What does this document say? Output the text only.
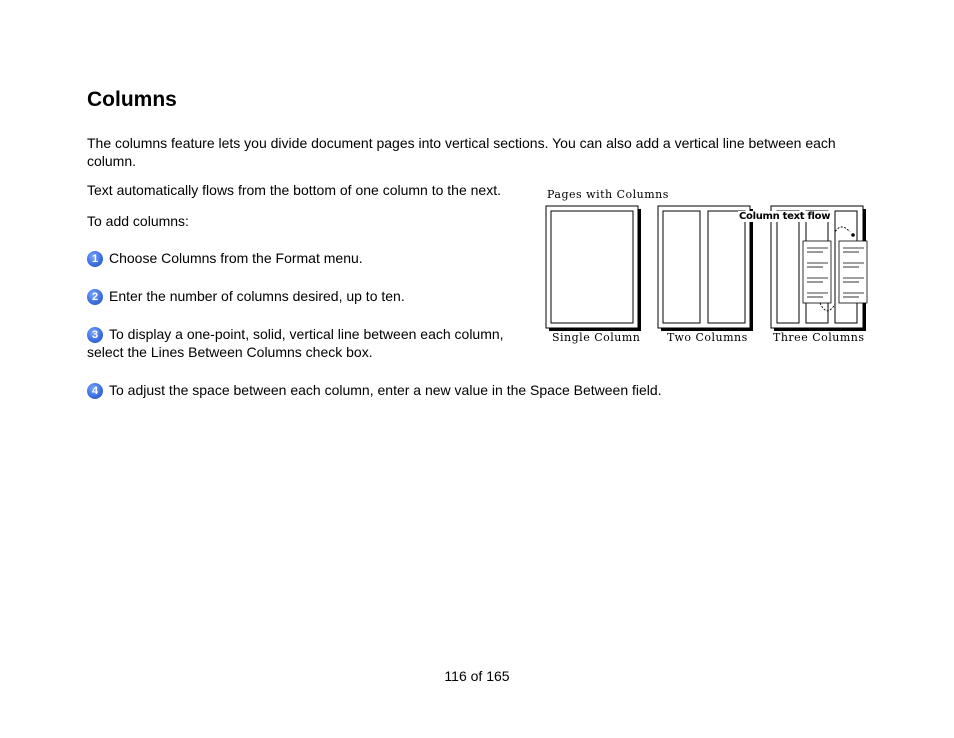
Columns

The columns feature lets you divide document pages into vertical sections. You can also add a vertical line between each column.

Text automatically flows from the bottom of one column to the next.

To add columns:

1 Choose Columns from the Format menu.

2 Enter the number of columns desired, up to ten.

3 To display a one-point, solid, vertical line between each column, select the Lines Between Columns check box.

4 To adjust the space between each column, enter a new value in the Space Between field.

Pages with Columns
Column text flow
Single Column Two Columns Three Columns
116 of 165
